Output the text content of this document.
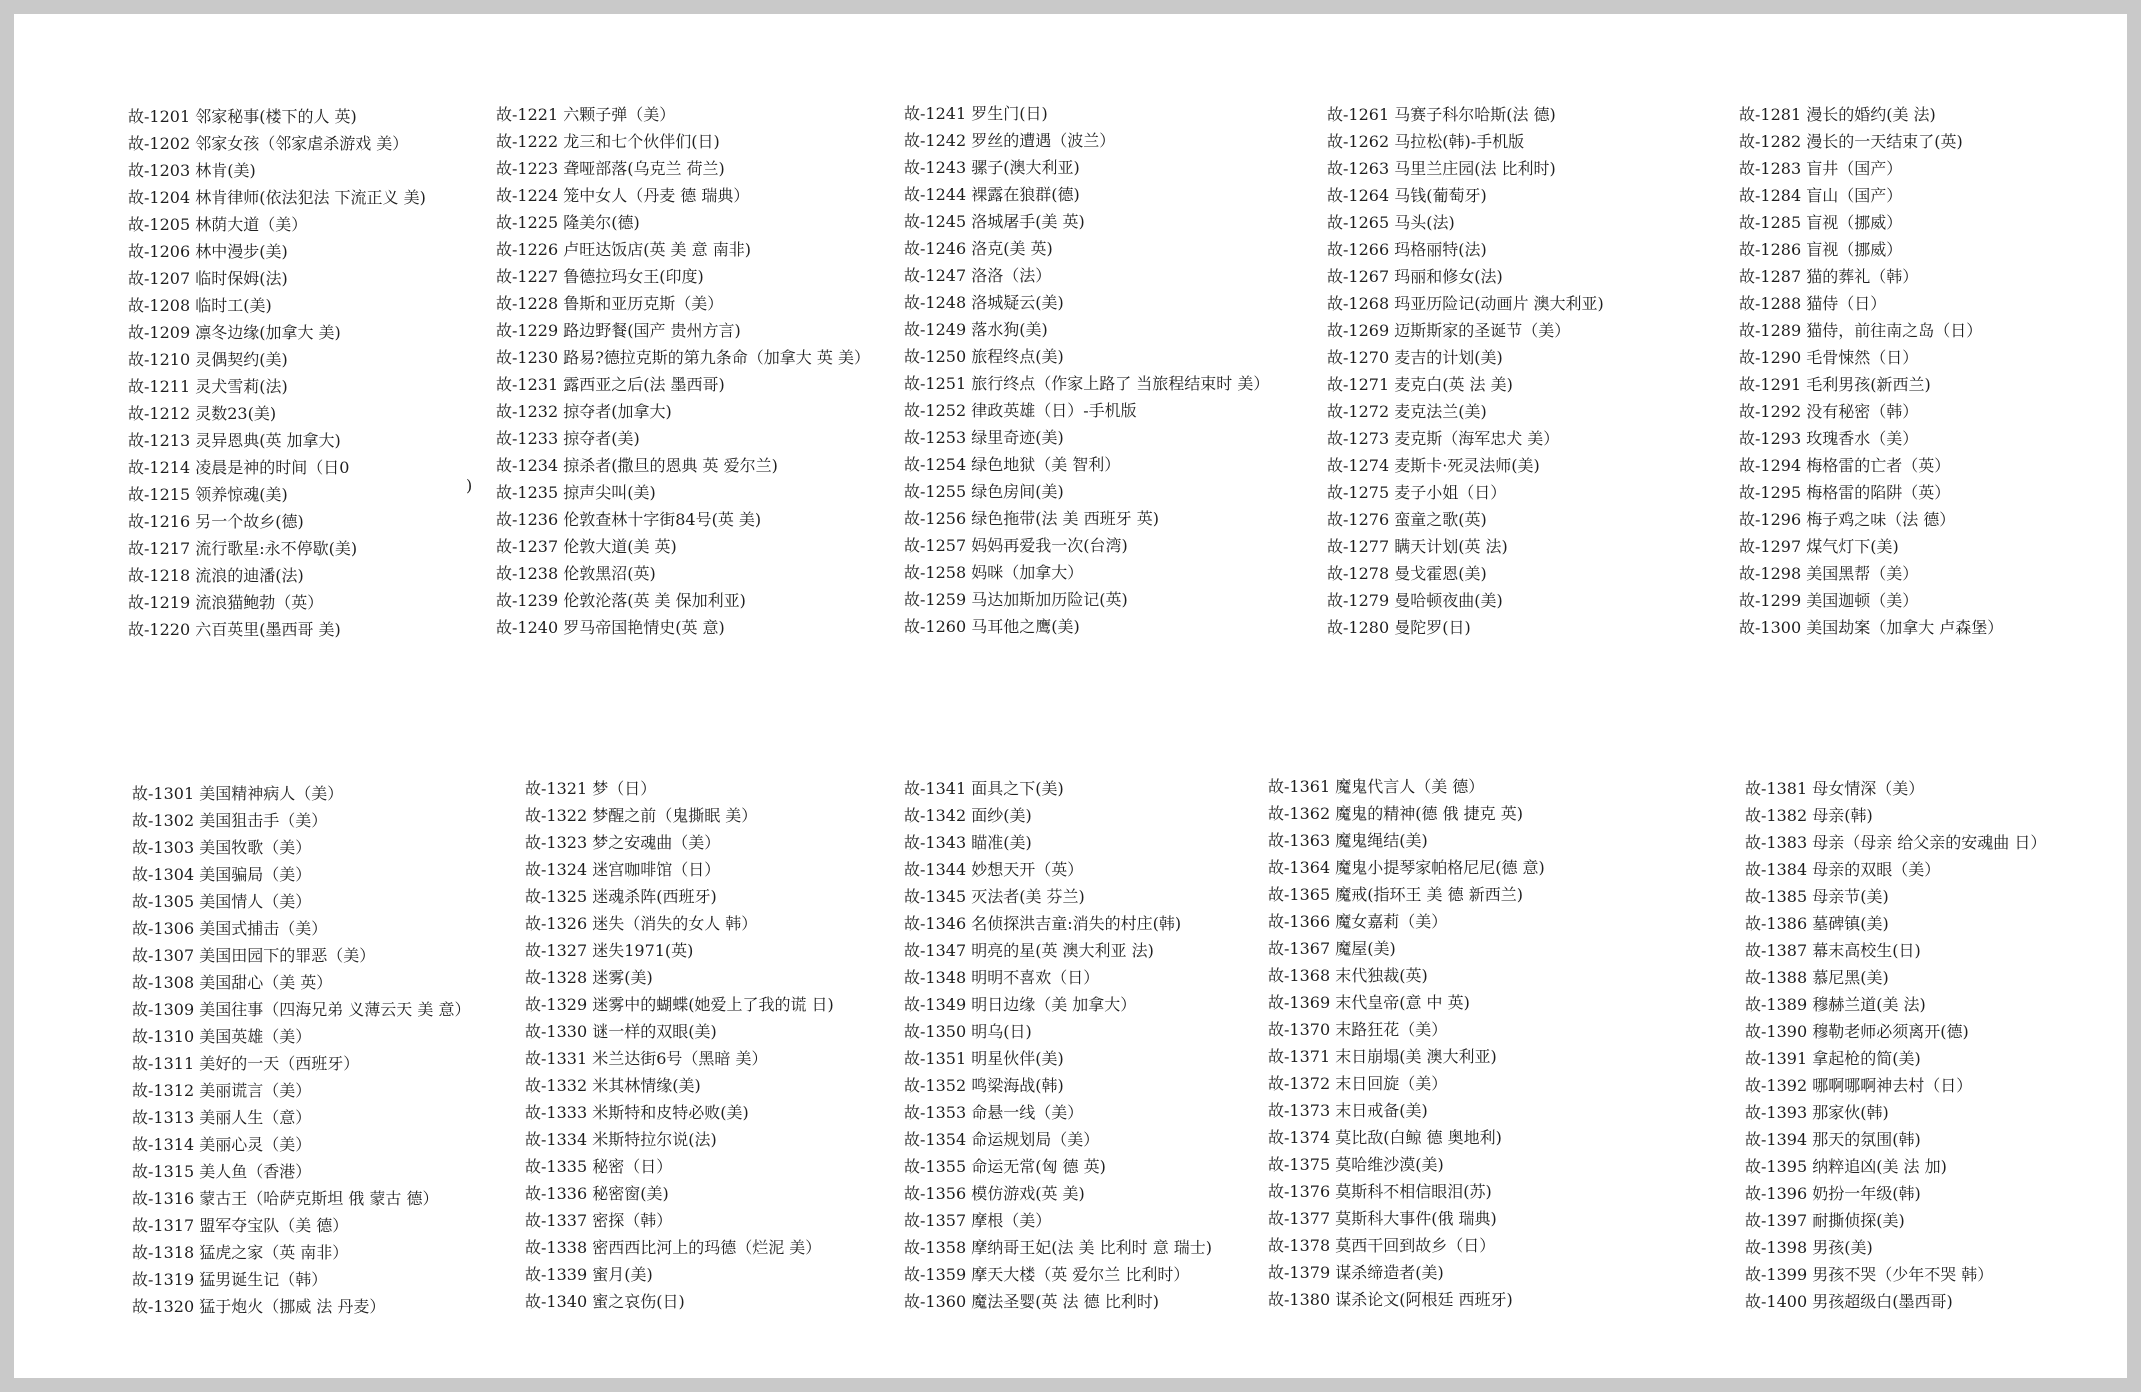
故-1201 邻家秘事(楼下的人 英)
故-1202 邻家女孩（邻家虐杀游戏 美）
故-1203 林肯(美)
故-1204 林肯律师(依法犯法 下流正义 美)
故-1205 林荫大道（美）
故-1206 林中漫步(美)
故-1207 临时保姆(法)
故-1208 临时工(美)
故-1209 凛冬边缘(加拿大 美)
故-1210 灵偶契约(美)
故-1211 灵犬雪莉(法)
故-1212 灵数23(美)
故-1213 灵异恩典(英 加拿大)
故-1214 凌晨是神的时间（日0
故-1215 领养惊魂(美)
故-1216 另一个故乡(德)
故-1217 流行歌星:永不停歇(美)
故-1218 流浪的迪潘(法)
故-1219 流浪猫鲍勃（英）
故-1220 六百英里(墨西哥 美)
故-1221 六颗子弹（美）
故-1222 龙三和七个伙伴们(日)
故-1223 聋哑部落(乌克兰 荷兰)
故-1224 笼中女人（丹麦 德 瑞典）
故-1225 隆美尔(德)
故-1226 卢旺达饭店(英 美 意 南非)
故-1227 鲁德拉玛女王(印度)
故-1228 鲁斯和亚历克斯（美）
故-1229 路边野餐(国产 贵州方言)
故-1230 路易?德拉克斯的第九条命（加拿大 英 美）
故-1231 露西亚之后(法 墨西哥)
故-1232 掠夺者(加拿大)
故-1233 掠夺者(美)
故-1234 掠杀者(撒旦的恩典 英 爱尔兰)
故-1235 掠声尖叫(美)
故-1236 伦敦查林十字街84号(英 美)
故-1237 伦敦大道(美 英)
故-1238 伦敦黑沼(英)
故-1239 伦敦沦落(英 美 保加利亚)
故-1240 罗马帝国艳情史(英 意)
故-1241 罗生门(日)
故-1242 罗丝的遭遇（波兰）
故-1243 骡子(澳大利亚)
故-1244 裸露在狼群(德)
故-1245 洛城屠手(美 英)
故-1246 洛克(美 英)
故-1247 洛洛（法）
故-1248 洛城疑云(美)
故-1249 落水狗(美)
故-1250 旅程终点(美)
故-1251 旅行终点（作家上路了 当旅程结束时 美）
故-1252 律政英雄（日）-手机版
故-1253 绿里奇迹(美)
故-1254 绿色地狱（美 智利）
故-1255 绿色房间(美)
故-1256 绿色拖带(法 美 西班牙 英)
故-1257 妈妈再爱我一次(台湾)
故-1258 妈咪（加拿大）
故-1259 马达加斯加历险记(英)
故-1260 马耳他之鹰(美)
故-1261 马赛子科尔哈斯(法 德)
故-1262 马拉松(韩)-手机版
故-1263 马里兰庄园(法 比利时)
故-1264 马钱(葡萄牙)
故-1265 马头(法)
故-1266 玛格丽特(法)
故-1267 玛丽和修女(法)
故-1268 玛亚历险记(动画片 澳大利亚)
故-1269 迈斯斯家的圣诞节（美）
故-1270 麦吉的计划(美)
故-1271 麦克白(英 法 美)
故-1272 麦克法兰(美)
故-1273 麦克斯（海军忠犬 美）
故-1274 麦斯卡·死灵法师(美)
故-1275 麦子小姐（日）
故-1276 蛮童之歌(英)
故-1277 瞒天计划(英 法)
故-1278 曼戈霍恩(美)
故-1279 曼哈顿夜曲(美)
故-1280 曼陀罗(日)
故-1281 漫长的婚约(美 法)
故-1282 漫长的一天结束了(英)
故-1283 盲井（国产）
故-1284 盲山（国产）
故-1285 盲视（挪威）
故-1286 盲视（挪威）
故-1287 猫的葬礼（韩）
故-1288 猫侍（日）
故-1289 猫侍，前往南之岛（日）
故-1290 毛骨悚然（日）
故-1291 毛利男孩(新西兰)
故-1292 没有秘密（韩）
故-1293 玫瑰香水（美）
故-1294 梅格雷的亡者（英）
故-1295 梅格雷的陷阱（英）
故-1296 梅子鸡之味（法 德）
故-1297 煤气灯下(美)
故-1298 美国黑帮（美）
故-1299 美国迦顿（美）
故-1300 美国劫案（加拿大 卢森堡）
故-1301 美国精神病人（美）
故-1302 美国狙击手（美）
故-1303 美国牧歌（美）
故-1304 美国骗局（美）
故-1305 美国情人（美）
故-1306 美国式捕击（美）
故-1307 美国田园下的罪恶（美）
故-1308 美国甜心（美 英）
故-1309 美国往事（四海兄弟 义薄云天 美 意）
故-1310 美国英雄（美）
故-1311 美好的一天（西班牙）
故-1312 美丽谎言（美）
故-1313 美丽人生（意）
故-1314 美丽心灵（美）
故-1315 美人鱼（香港）
故-1316 蒙古王（哈萨克斯坦 俄 蒙古 德）
故-1317 盟军夺宝队（美 德）
故-1318 猛虎之家（英 南非）
故-1319 猛男诞生记（韩）
故-1320 猛于炮火（挪威 法 丹麦）
故-1321 梦（日）
故-1322 梦醒之前（鬼撕眠 美）
故-1323 梦之安魂曲（美）
故-1324 迷宫咖啡馆（日）
故-1325 迷魂杀阵(西班牙)
故-1326 迷失（消失的女人 韩）
故-1327 迷失1971(英)
故-1328 迷雾(美)
故-1329 迷雾中的蝴蝶(她爱上了我的谎 日)
故-1330 谜一样的双眼(美)
故-1331 米兰达街6号（黑暗 美）
故-1332 米其林情缘(美)
故-1333 米斯特和皮特必败(美)
故-1334 米斯特拉尔说(法)
故-1335 秘密（日）
故-1336 秘密窗(美)
故-1337 密探（韩）
故-1338 密西西比河上的玛德（烂泥 美）
故-1339 蜜月(美)
故-1340 蜜之哀伤(日)
故-1341 面具之下(美)
故-1342 面纱(美)
故-1343 瞄准(美)
故-1344 妙想天开（英）
故-1345 灭法者(美 芬兰)
故-1346 名侦探洪吉童:消失的村庄(韩)
故-1347 明亮的星(英 澳大利亚 法)
故-1348 明明不喜欢（日）
故-1349 明日边缘（美 加拿大）
故-1350 明乌(日)
故-1351 明星伙伴(美)
故-1352 鸣梁海战(韩)
故-1353 命悬一线（美）
故-1354 命运规划局（美）
故-1355 命运无常(匈 德 英)
故-1356 模仿游戏(英 美)
故-1357 摩根（美）
故-1358 摩纳哥王妃(法 美 比利时 意 瑞士)
故-1359 摩天大楼（英 爱尔兰 比利时）
故-1360 魔法圣婴(英 法 德 比利时)
故-1361 魔鬼代言人（美 德）
故-1362 魔鬼的精神(德 俄 捷克 英)
故-1363 魔鬼绳结(美)
故-1364 魔鬼小提琴家帕格尼尼(德 意)
故-1365 魔戒(指环王 美 德 新西兰)
故-1366 魔女嘉莉（美）
故-1367 魔屋(美)
故-1368 末代独裁(英)
故-1369 末代皇帝(意 中 英)
故-1370 末路狂花（美）
故-1371 末日崩塌(美 澳大利亚)
故-1372 末日回旋（美）
故-1373 末日戒备(美)
故-1374 莫比敌(白鲸 德 奥地利)
故-1375 莫哈维沙漠(美)
故-1376 莫斯科不相信眼泪(苏)
故-1377 莫斯科大事件(俄 瑞典)
故-1378 莫西干回到故乡（日）
故-1379 谋杀缔造者(美)
故-1380 谋杀论文(阿根廷 西班牙)
故-1381 母女情深（美）
故-1382 母亲(韩)
故-1383 母亲（母亲 给父亲的安魂曲 日）
故-1384 母亲的双眼（美）
故-1385 母亲节(美)
故-1386 墓碑镇(美)
故-1387 幕末高校生(日)
故-1388 慕尼黑(美)
故-1389 穆赫兰道(美 法)
故-1390 穆勒老师必须离开(德)
故-1391 拿起枪的简(美)
故-1392 哪啊哪啊神去村（日）
故-1393 那家伙(韩)
故-1394 那天的氛围(韩)
故-1395 纳粹追凶(美 法 加)
故-1396 奶扮一年级(韩)
故-1397 耐撕侦探(美)
故-1398 男孩(美)
故-1399 男孩不哭（少年不哭 韩）
故-1400 男孩超级白(墨西哥)
)
